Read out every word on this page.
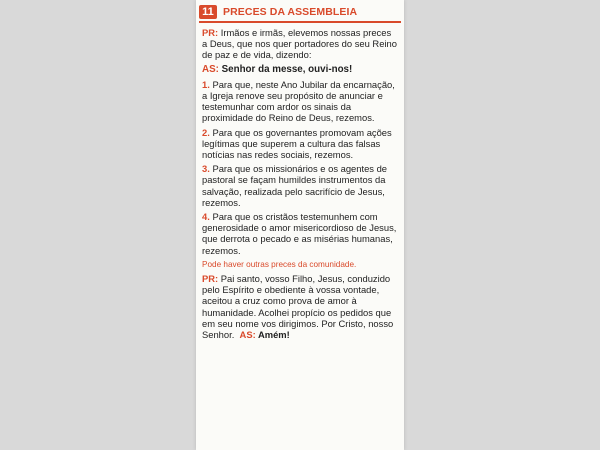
11 PRECES DA ASSEMBLEIA

PR: Irmãos e irmãs, elevemos nossas preces a Deus, que nos quer portadores do seu Reino de paz e de vida, dizendo:

AS: Senhor da messe, ouvi-nos!

1. Para que, neste Ano Jubilar da encarnação, a Igreja renove seu propósito de anunciar e testemunhar com ardor os sinais da proximidade do Reino de Deus, rezemos.

2. Para que os governantes promovam ações legítimas que superem a cultura das falsas notícias nas redes sociais, rezemos.

3. Para que os missionários e os agentes de pastoral se façam humildes instrumentos da salvação, realizada pelo sacrifício de Jesus, rezemos.

4. Para que os cristãos testemunhem com generosidade o amor misericordioso de Jesus, que derrota o pecado e as misérias humanas, rezemos.

Pode haver outras preces da comunidade.

PR: Pai santo, vosso Filho, Jesus, conduzido pelo Espírito e obediente à vossa vontade, aceitou a cruz como prova de amor à humanidade. Acolhei propício os pedidos que em seu nome vos dirigimos. Por Cristo, nosso Senhor. AS: Amém!
